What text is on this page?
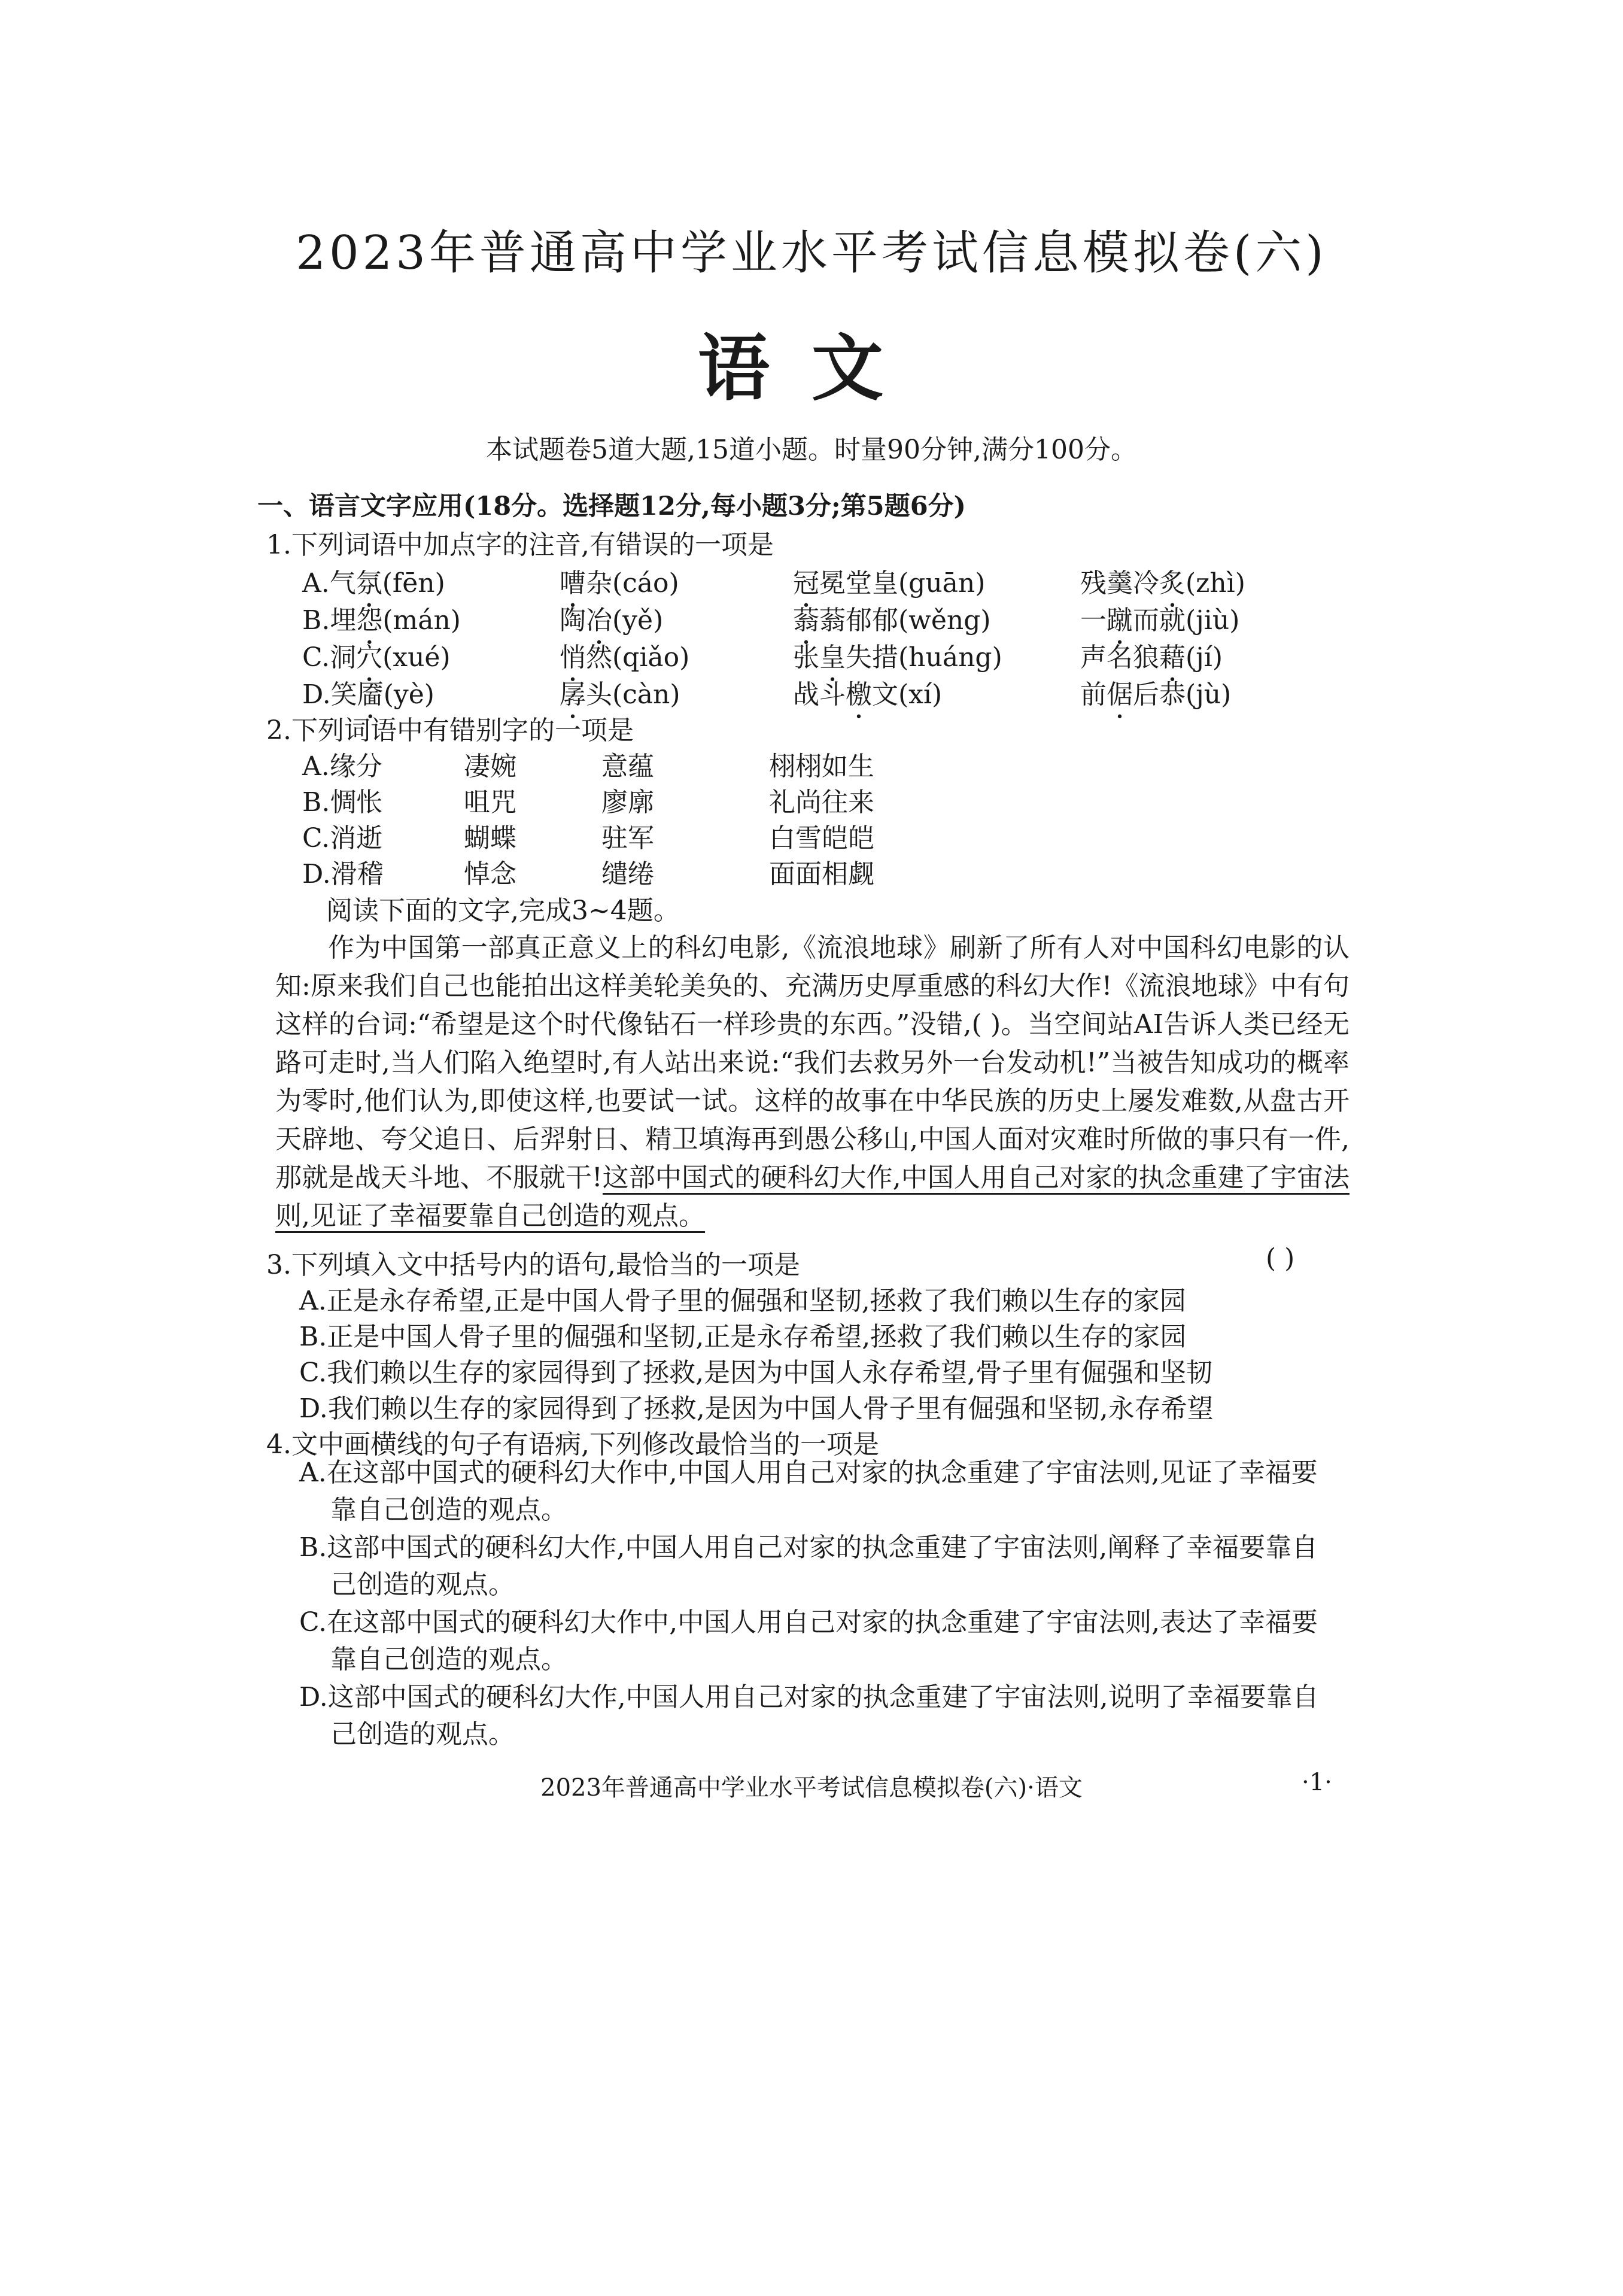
2023年普通高中学业水平考试信息模拟卷(六)
语文
本试题卷5道大题,15道小题。时量90分钟,满分100分。
一、语言文字应用(18分。选择题12分,每小题3分;第5题6分)
1.下列词语中加点字的注音,有错误的一项是
A.气氛(fēn)	嘈杂(cáo)	冠冕堂皇(guān)	残羹冷炙(zhì)
B.埋怨(mán)	陶冶(yě)	蓊蓊郁郁(wěng)	一蹴而就(jiù)
C.洞穴(xué)	悄然(qiǎo)	张皇失措(huáng)	声名狼藉(jí)
D.笑靥(yè)	孱头(càn)	战斗檄文(xí)	前倨后恭(jù)
2.下列词语中有错别字的一项是
A.缘分	凄婉	意蕴	栩栩如生
B.惆怅	咀咒	廖廓	礼尚往来
C.消逝	蝴蝶	驻军	白雪皑皑
D.滑稽	悼念	缱绻	面面相觑
阅读下面的文字,完成3~4题。
作为中国第一部真正意义上的科幻电影,《流浪地球》刷新了所有人对中国科幻电影的认知:原来我们自己也能拍出这样美轮美奂的、充满历史厚重感的科幻大作!《流浪地球》中有句这样的台词:“希望是这个时代像钻石一样珍贵的东西。”没错,( )。当空间站AI告诉人类已经无路可走时,当人们陷入绝望时,有人站出来说:“我们去救另外一台发动机!”当被告知成功的概率为零时,他们认为,即使这样,也要试一试。这样的故事在中华民族的历史上屡发难数,从盘古开天辟地、夸父追日、后羿射日、精卫填海再到愚公移山,中国人面对灾难时所做的事只有一件,那就是战天斗地、不服就干!这部中国式的硬科幻大作,中国人用自己对家的执念重建了宇宙法则,见证了幸福要靠自己创造的观点。
3.下列填入文中括号内的语句,最恰当的一项是	( )
A.正是永存希望,正是中国人骨子里的倔强和坚韧,拯救了我们赖以生存的家园
B.正是中国人骨子里的倔强和坚韧,正是永存希望,拯救了我们赖以生存的家园
C.我们赖以生存的家园得到了拯救,是因为中国人永存希望,骨子里有倔强和坚韧
D.我们赖以生存的家园得到了拯救,是因为中国人骨子里有倔强和坚韧,永存希望
4.文中画横线的句子有语病,下列修改最恰当的一项是
A.在这部中国式的硬科幻大作中,中国人用自己对家的执念重建了宇宙法则,见证了幸福要
靠自己创造的观点。
B.这部中国式的硬科幻大作,中国人用自己对家的执念重建了宇宙法则,阐释了幸福要靠自
己创造的观点。
C.在这部中国式的硬科幻大作中,中国人用自己对家的执念重建了宇宙法则,表达了幸福要
靠自己创造的观点。
D.这部中国式的硬科幻大作,中国人用自己对家的执念重建了宇宙法则,说明了幸福要靠自
己创造的观点。
2023年普通高中学业水平考试信息模拟卷(六)·语文	·1·
